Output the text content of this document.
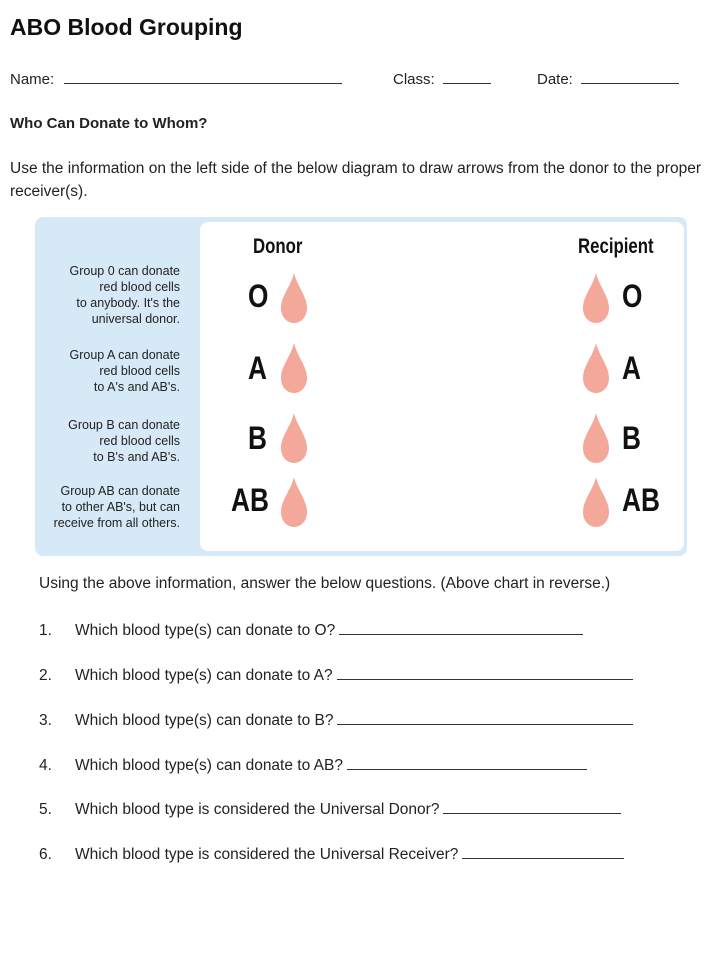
ABO Blood Grouping
Name:	Class:	Date:
Who Can Donate to Whom?
Use the information on the left side of the below diagram to draw arrows from the donor to the proper receiver(s).
Donor	Recipient
Group 0 can donate
red blood cells
to anybody. It's the
universal donor.
O	O
Group A can donate
red blood cells
to A's and AB's.
A	A
Group B can donate
red blood cells
to B's and AB's.
B	B
Group AB can donate
to other AB's, but can
receive from all others.
AB	AB
Using the above information, answer the below questions. (Above chart in reverse.)
1. Which blood type(s) can donate to O?
2. Which blood type(s) can donate to A?
3. Which blood type(s) can donate to B?
4. Which blood type(s) can donate to AB?
5. Which blood type is considered the Universal Donor?
6. Which blood type is considered the Universal Receiver?
